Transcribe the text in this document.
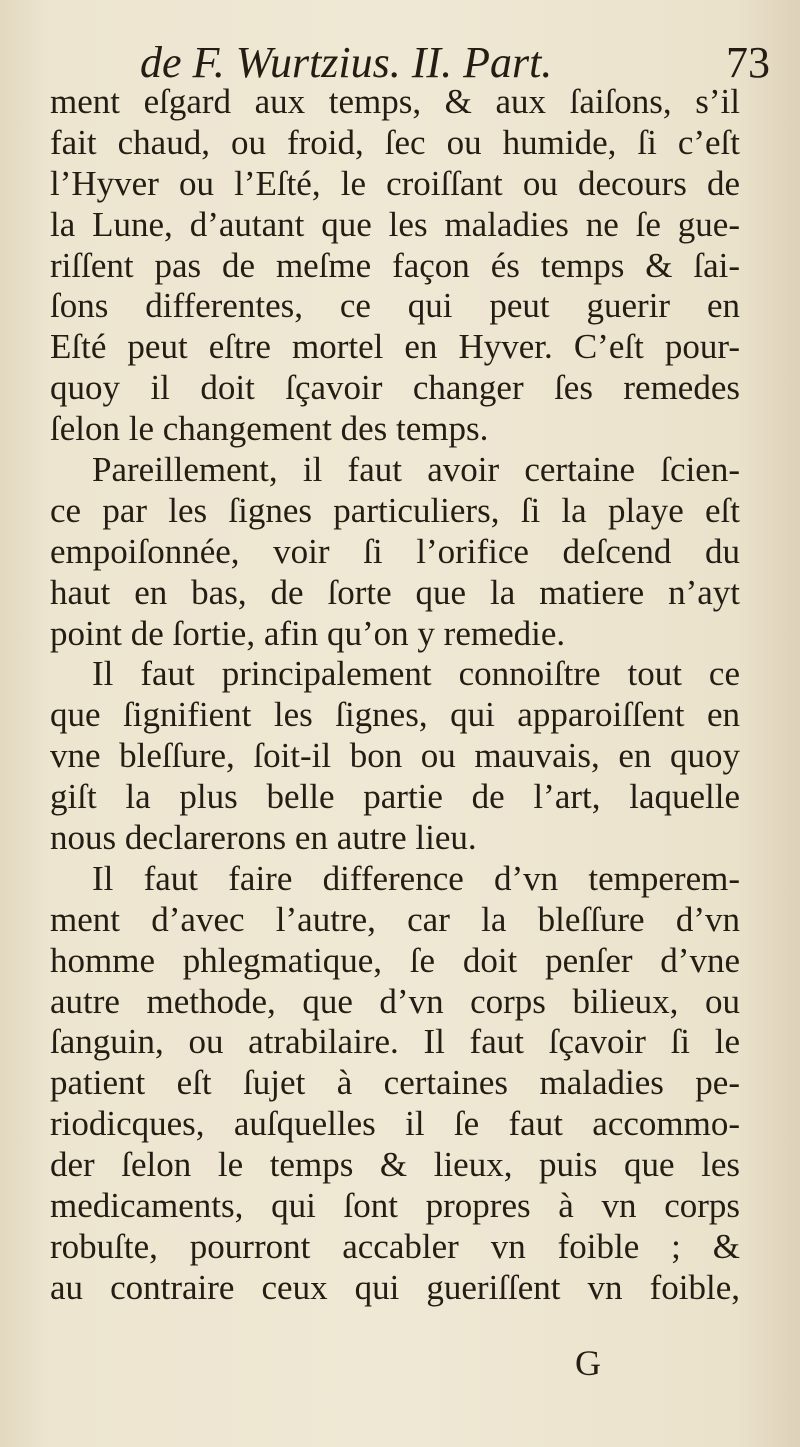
de F. Wurtzius. II. Part.	73
ment eſgard aux temps, & aux ſaiſons, s’il
fait chaud, ou froid, ſec ou humide, ſi c’eſt
l’Hyver ou l’Eſté, le croiſſant ou decours de
la Lune, d’autant que les maladies ne ſe gue-
riſſent pas de meſme façon és temps & ſai-
ſons differentes, ce qui peut guerir en
Eſté peut eſtre mortel en Hyver. C’eſt pour-
quoy il doit ſçavoir changer ſes remedes
ſelon le changement des temps.
Pareillement, il faut avoir certaine ſcien-
ce par les ſignes particuliers, ſi la playe eſt
empoiſonnée, voir ſi l’orifice deſcend du
haut en bas, de ſorte que la matiere n’ayt
point de ſortie, afin qu’on y remedie.
Il faut principalement connoiſtre tout ce
que ſignifient les ſignes, qui apparoiſſent en
vne bleſſure, ſoit-il bon ou mauvais, en quoy
giſt la plus belle partie de l’art, laquelle
nous declarerons en autre lieu.
Il faut faire difference d’vn temperem-
ment d’avec l’autre, car la bleſſure d’vn
homme phlegmatique, ſe doit penſer d’vne
autre methode, que d’vn corps bilieux, ou
ſanguin, ou atrabilaire. Il faut ſçavoir ſi le
patient eſt ſujet à certaines maladies pe-
riodicques, auſquelles il ſe faut accommo-
der ſelon le temps & lieux, puis que les
medicaments, qui ſont propres à vn corps
robuſte, pourront accabler vn foible ; &
au contraire ceux qui gueriſſent vn foible,
G
